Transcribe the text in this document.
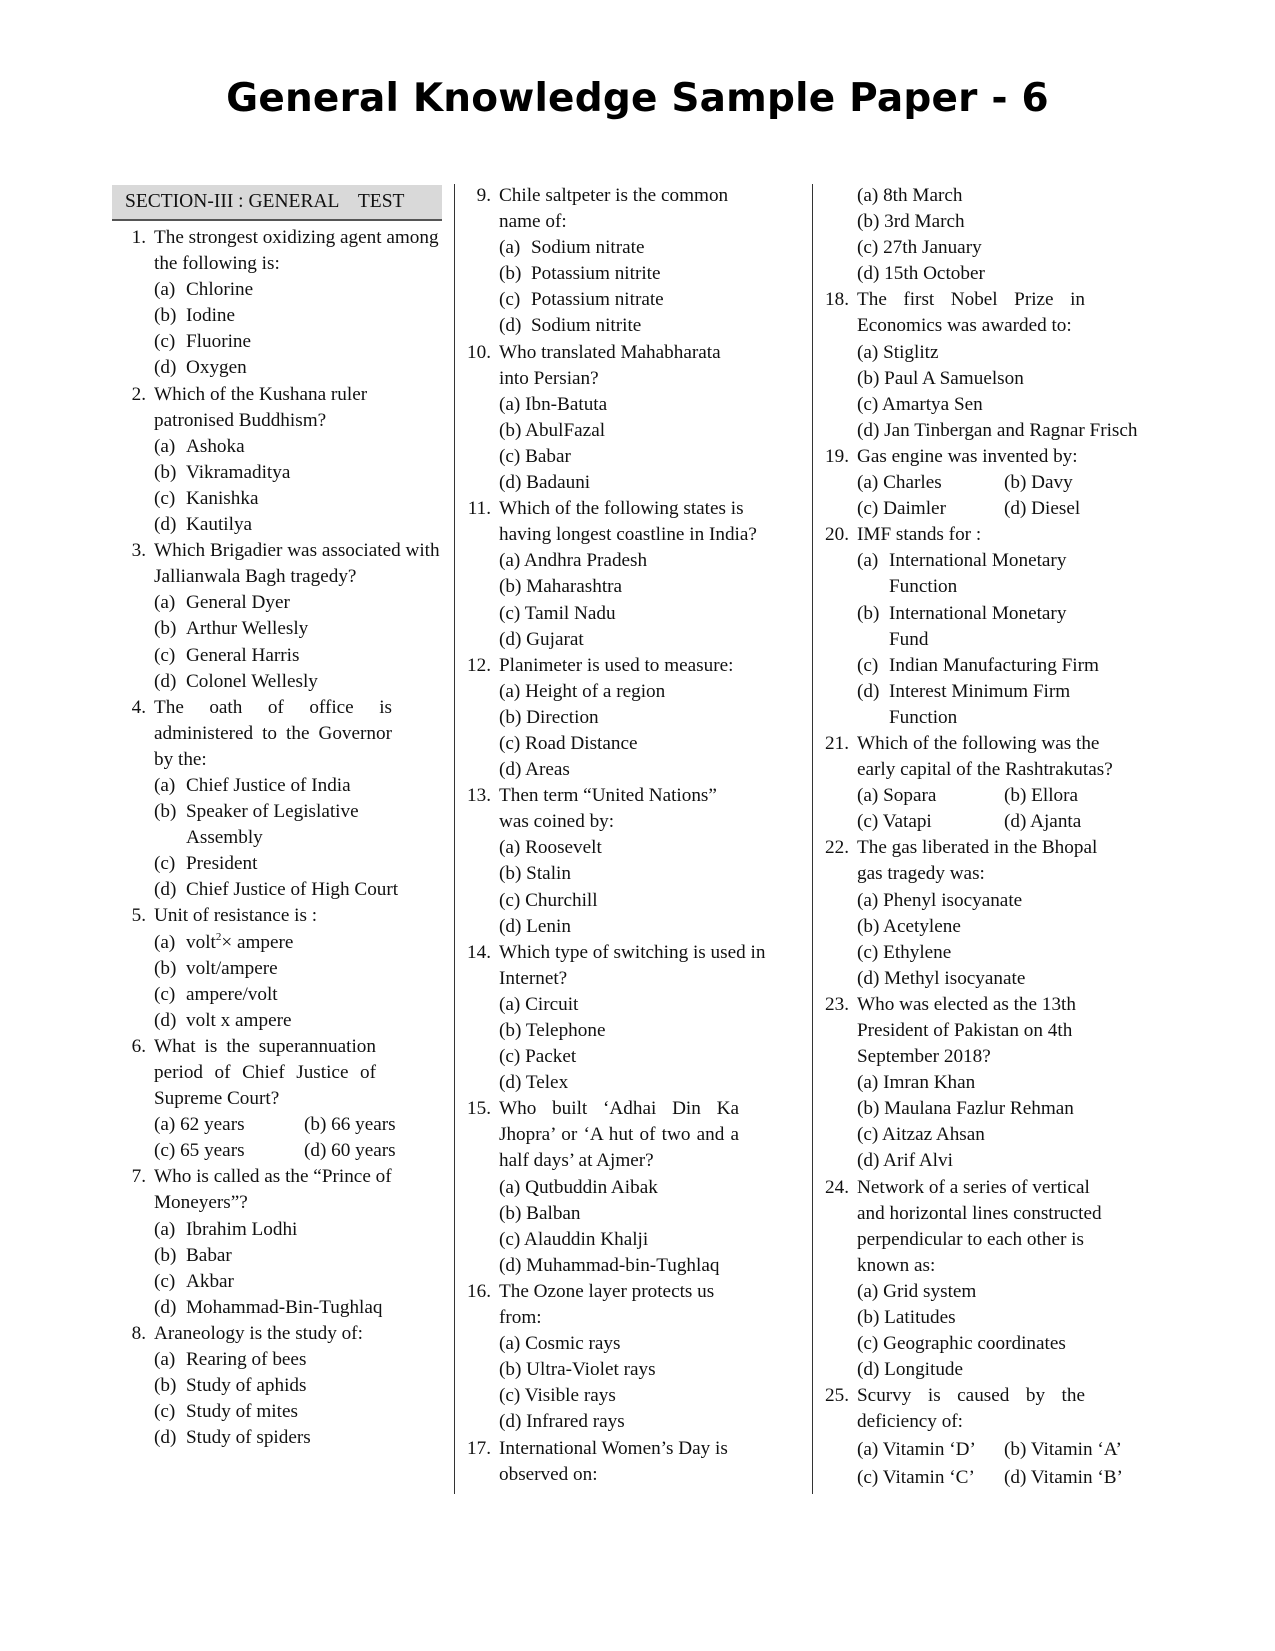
General Knowledge Sample Paper - 6
SECTION-III : GENERAL    TEST
1. The strongest oxidizing agent among the following is:
(a) Chlorine
(b) Iodine
(c) Fluorine
(d) Oxygen
2. Which of the Kushana ruler patronised Buddhism?
(a) Ashoka
(b) Vikramaditya
(c) Kanishka
(d) Kautilya
3. Which Brigadier was associated with Jallianwala Bagh tragedy?
(a) General Dyer
(b) Arthur Wellesly
(c) General Harris
(d) Colonel Wellesly
4. The oath of office is administered to the Governor by the:
(a) Chief Justice of India
(b) Speaker of Legislative Assembly
(c) President
(d) Chief Justice of High Court
5. Unit of resistance is :
(a) volt$^2$× ampere
(b) volt/ampere
(c) ampere/volt
(d) volt x ampere
6. What is the superannuation period of Chief Justice of Supreme Court?
(a) 62 years	(b) 66 years
(c) 65 years	(d) 60 years
7. Who is called as the “Prince of Moneyers”?
(a) Ibrahim Lodhi
(b) Babar
(c) Akbar
(d) Mohammad-Bin-Tughlaq
8. Araneology is the study of:
(a) Rearing of bees
(b) Study of aphids
(c) Study of mites
(d) Study of spiders
9. Chile saltpeter is the common name of:
(a) Sodium nitrate
(b) Potassium nitrite
(c) Potassium nitrate
(d) Sodium nitrite
10. Who translated Mahabharata into Persian?
(a) Ibn-Batuta
(b) AbulFazal
(c) Babar
(d) Badauni
11. Which of the following states is having longest coastline in India?
(a) Andhra Pradesh
(b) Maharashtra
(c) Tamil Nadu
(d) Gujarat
12. Planimeter is used to measure:
(a) Height of a region
(b) Direction
(c) Road Distance
(d) Areas
13. Then term “United Nations” was coined by:
(a) Roosevelt
(b) Stalin
(c) Churchill
(d) Lenin
14. Which type of switching is used in Internet?
(a) Circuit
(b) Telephone
(c) Packet
(d) Telex
15. Who built ‘Adhai Din Ka Jhopra’ or ‘A hut of two and a half days’ at Ajmer?
(a) Qutbuddin Aibak
(b) Balban
(c) Alauddin Khalji
(d) Muhammad-bin-Tughlaq
16. The Ozone layer protects us from:
(a) Cosmic rays
(b) Ultra-Violet rays
(c) Visible rays
(d) Infrared rays
17. International Women’s Day is observed on:
(a) 8th March
(b) 3rd March
(c) 27th January
(d) 15th October
18. The first Nobel Prize in Economics was awarded to:
(a) Stiglitz
(b) Paul A Samuelson
(c) Amartya Sen
(d) Jan Tinbergan and Ragnar Frisch
19. Gas engine was invented by:
(a) Charles	(b) Davy
(c) Daimler	(d) Diesel
20. IMF stands for :
(a) International Monetary Function
(b) International Monetary Fund
(c) Indian Manufacturing Firm
(d) Interest Minimum Firm Function
21. Which of the following was the early capital of the Rashtrakutas?
(a) Sopara	(b) Ellora
(c) Vatapi	(d) Ajanta
22. The gas liberated in the Bhopal gas tragedy was:
(a) Phenyl isocyanate
(b) Acetylene
(c) Ethylene
(d) Methyl isocyanate
23. Who was elected as the 13th President of Pakistan on 4th September 2018?
(a) Imran Khan
(b) Maulana Fazlur Rehman
(c) Aitzaz Ahsan
(d) Arif Alvi
24. Network of a series of vertical and horizontal lines constructed perpendicular to each other is known as:
(a) Grid system
(b) Latitudes
(c) Geographic coordinates
(d) Longitude
25. Scurvy is caused by the deficiency of:
(a) Vitamin ‘D’	(b) Vitamin ‘A’
(c) Vitamin ‘C’	(d) Vitamin ‘B’
